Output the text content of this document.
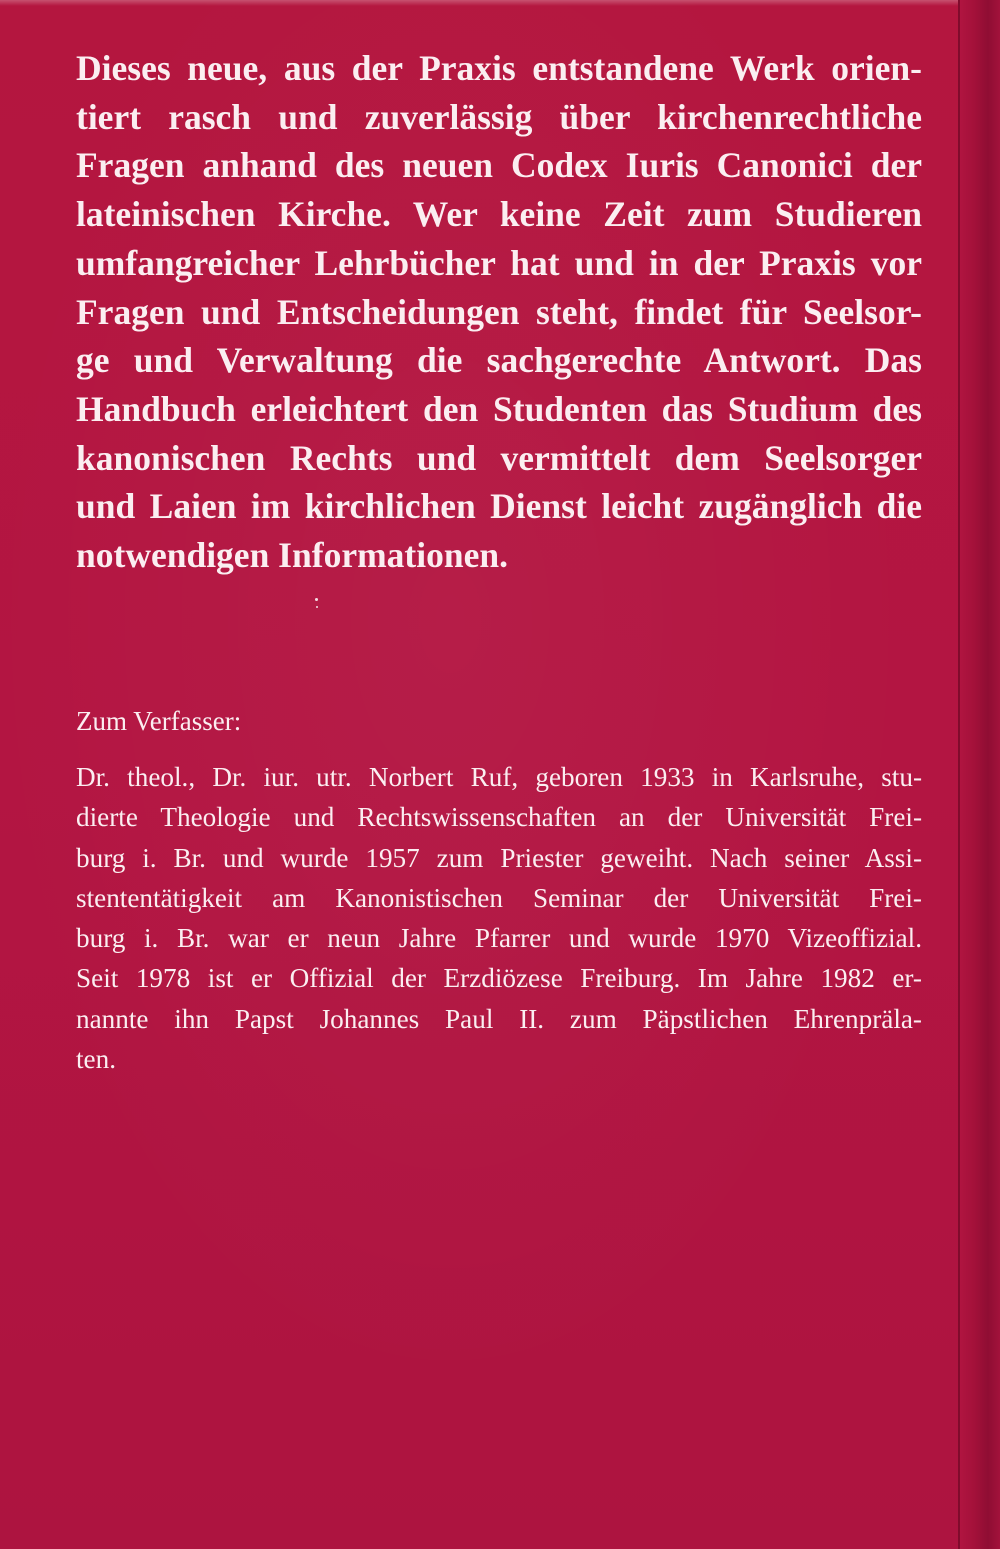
Dieses neue, aus der Praxis entstandene Werk orien-
tiert rasch und zuverlässig über kirchenrechtliche
Fragen anhand des neuen Codex Iuris Canonici der
lateinischen Kirche. Wer keine Zeit zum Studieren
umfangreicher Lehrbücher hat und in der Praxis vor
Fragen und Entscheidungen steht, findet für Seelsor-
ge und Verwaltung die sachgerechte Antwort. Das
Handbuch erleichtert den Studenten das Studium des
kanonischen Rechts und vermittelt dem Seelsorger
und Laien im kirchlichen Dienst leicht zugänglich die
notwendigen Informationen.
Zum Verfasser:
Dr. theol., Dr. iur. utr. Norbert Ruf, geboren 1933 in Karlsruhe, stu-
dierte Theologie und Rechtswissenschaften an der Universität Frei-
burg i. Br. und wurde 1957 zum Priester geweiht. Nach seiner Assi-
stententätigkeit am Kanonistischen Seminar der Universität Frei-
burg i. Br. war er neun Jahre Pfarrer und wurde 1970 Vizeoffizial.
Seit 1978 ist er Offizial der Erzdiözese Freiburg. Im Jahre 1982 er-
nannte ihn Papst Johannes Paul II. zum Päpstlichen Ehrenpräla-
ten.
